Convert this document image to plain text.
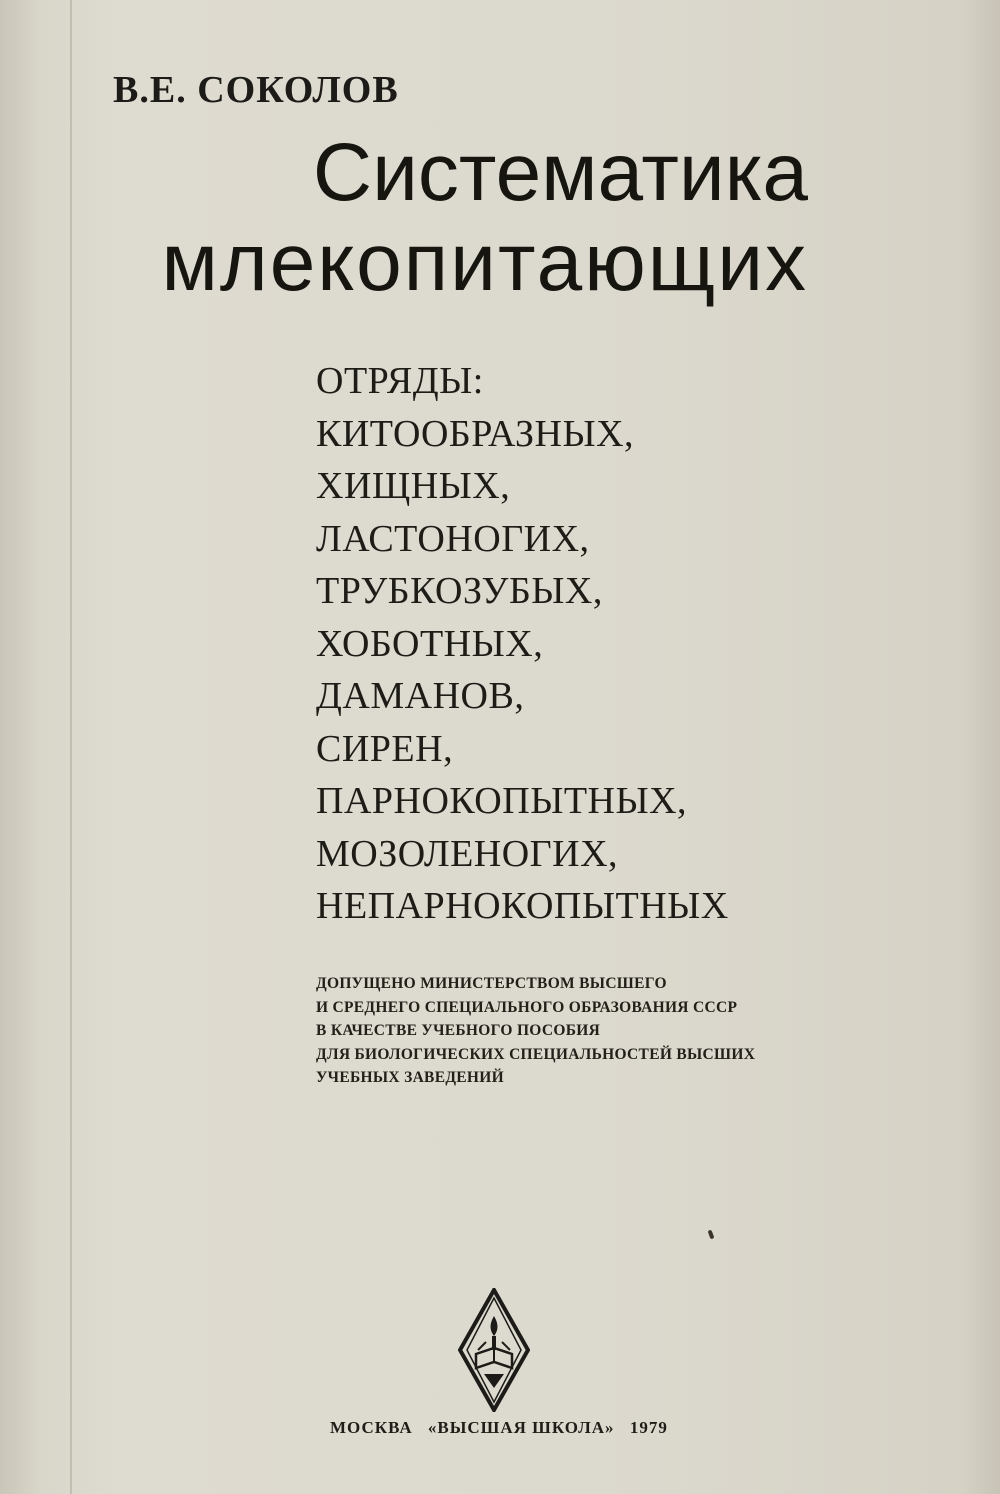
В.Е. СОКОЛОВ
Систематика
млекопитающих
ОТРЯДЫ:
КИТООБРАЗНЫХ,
ХИЩНЫХ,
ЛАСТОНОГИХ,
ТРУБКОЗУБЫХ,
ХОБОТНЫХ,
ДАМАНОВ,
СИРЕН,
ПАРНОКОПЫТНЫХ,
МОЗОЛЕНОГИХ,
НЕПАРНОКОПЫТНЫХ
ДОПУЩЕНО МИНИСТЕРСТВОМ ВЫСШЕГО
И СРЕДНЕГО СПЕЦИАЛЬНОГО ОБРАЗОВАНИЯ СССР
В КАЧЕСТВЕ УЧЕБНОГО ПОСОБИЯ
ДЛЯ БИОЛОГИЧЕСКИХ СПЕЦИАЛЬНОСТЕЙ ВЫСШИХ
УЧЕБНЫХ ЗАВЕДЕНИЙ
МОСКВА «ВЫСШАЯ ШКОЛА» 1979
